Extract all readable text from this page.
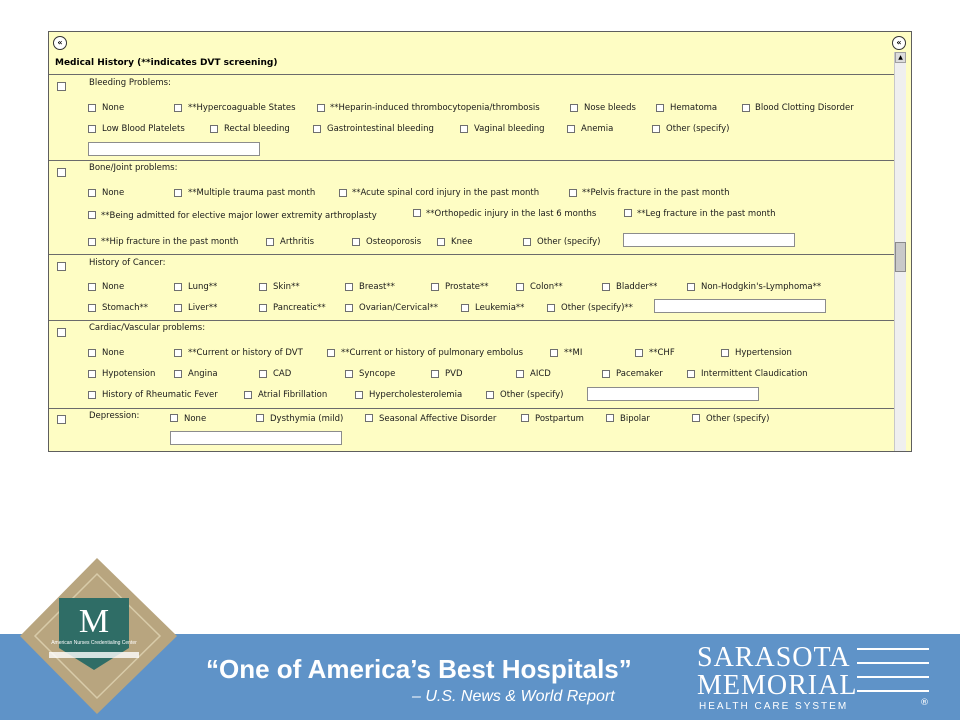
«	«
Medical History (**indicates DVT screening)
▲
Bleeding Problems:
None	**Hypercoaguable States	**Heparin-induced thrombocytopenia/thrombosis	Nose bleeds	Hematoma	Blood Clotting Disorder
Low Blood Platelets	Rectal bleeding	Gastrointestinal bleeding	Vaginal bleeding	Anemia	Other (specify)
Bone/Joint problems:
None	**Multiple trauma past month	**Acute spinal cord injury in the past month	**Pelvis fracture in the past month
**Being admitted for elective major lower extremity arthroplasty	**Orthopedic injury in the last 6 months	**Leg fracture in the past month
**Hip fracture in the past month	Arthritis	Osteoporosis	Knee	Other (specify)
History of Cancer:
None	Lung**	Skin**	Breast**	Prostate**	Colon**	Bladder**	Non-Hodgkin's-Lymphoma**
Stomach**	Liver**	Pancreatic**	Ovarian/Cervical**	Leukemia**	Other (specify)**
Cardiac/Vascular problems:
None	**Current or history of DVT	**Current or history of pulmonary embolus	**MI	**CHF	Hypertension
Hypotension	Angina	CAD	Syncope	PVD	AICD	Pacemaker	Intermittent Claudication
History of Rheumatic Fever	Atrial Fibrillation	Hypercholesterolemia	Other (specify)
Depression:	None	Dysthymia (mild)	Seasonal Affective Disorder	Postpartum	Bipolar	Other (specify)
M
American Nurses Credentialing Center
“One of America’s Best Hospitals”
– U.S. News & World Report
SARASOTA
MEMORIAL
HEALTH CARE SYSTEM	®
